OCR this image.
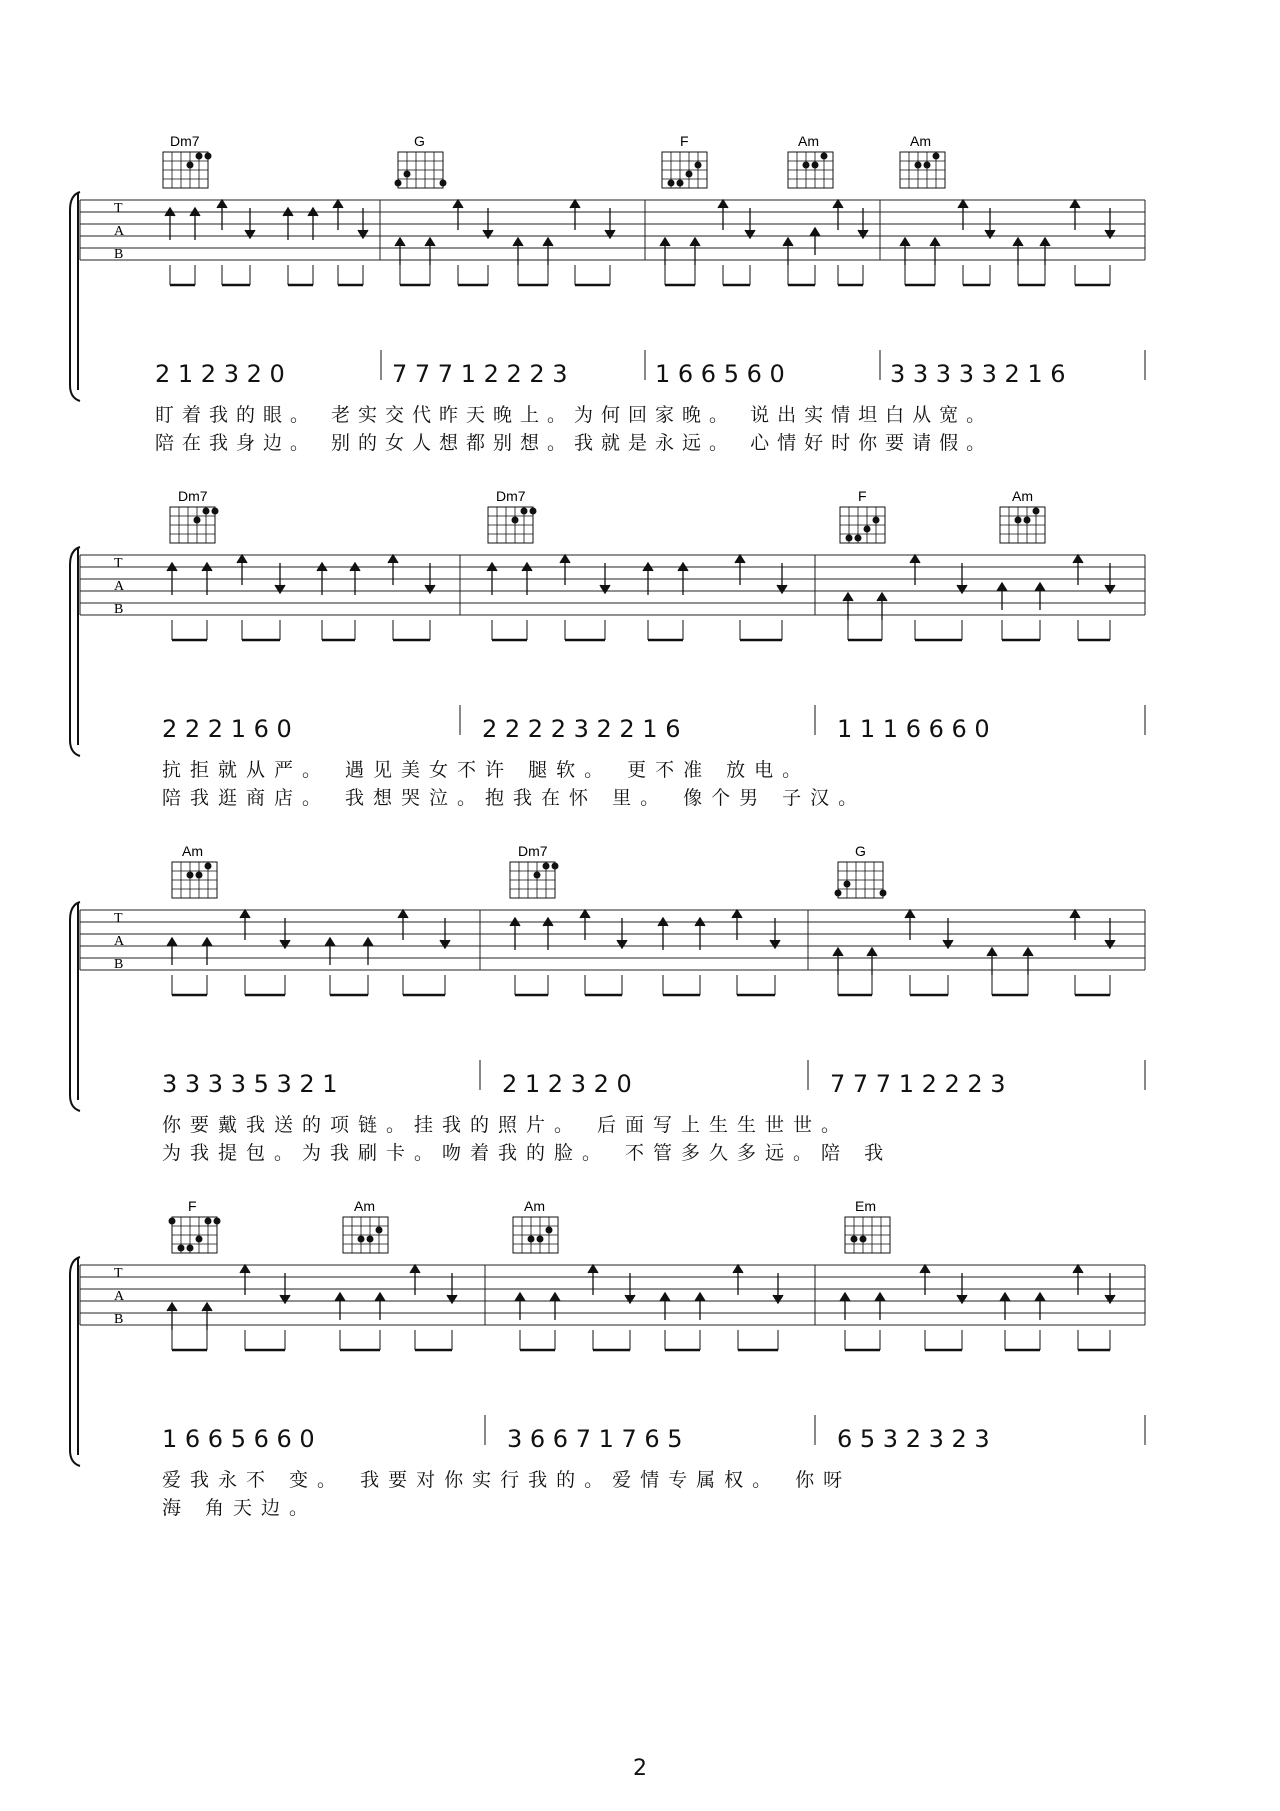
T
A
B
Dm7	G	F	Am	Am
2 1 2 3 2 0	7 7 7 1 2 2 2 3	1 6 6 5 6 0	3 3 3 3 3 2 1 6
盯着我的眼。 老实交代昨天晚上。为何回家晚。 说出实情坦白从宽。
陪在我身边。 别的女人想都别想。我就是永远。 心情好时你要请假。
T
A
B
Dm7	Dm7	F	Am
2 2 2 1 6 0	2 2 2 2 3 2 2 1 6	1 1 1 6 6 6 0
抗拒就从严。 遇见美女不许 腿软。 更不准 放电。
陪我逛商店。 我想哭泣。抱我在怀 里。 像个男 子汉。
T
A
B
Am	Dm7	G
3 3 3 3 5 3 2 1	2 1 2 3 2 0	7 7 7 1 2 2 2 3
你要戴我送的项链。挂我的照片。 后面写上生生世世。
为我提包。为我刷卡。吻着我的脸。 不管多久多远。陪 我
T
A
B
F	Am	Am	Em
1 6 6 5 6 6 0	3 6 6 7 1 7 6 5	6 5 3 2 3 2 3
爱我永不 变。 我要对你实行我的。爱情专属权。 你呀
海 角天边。
2
